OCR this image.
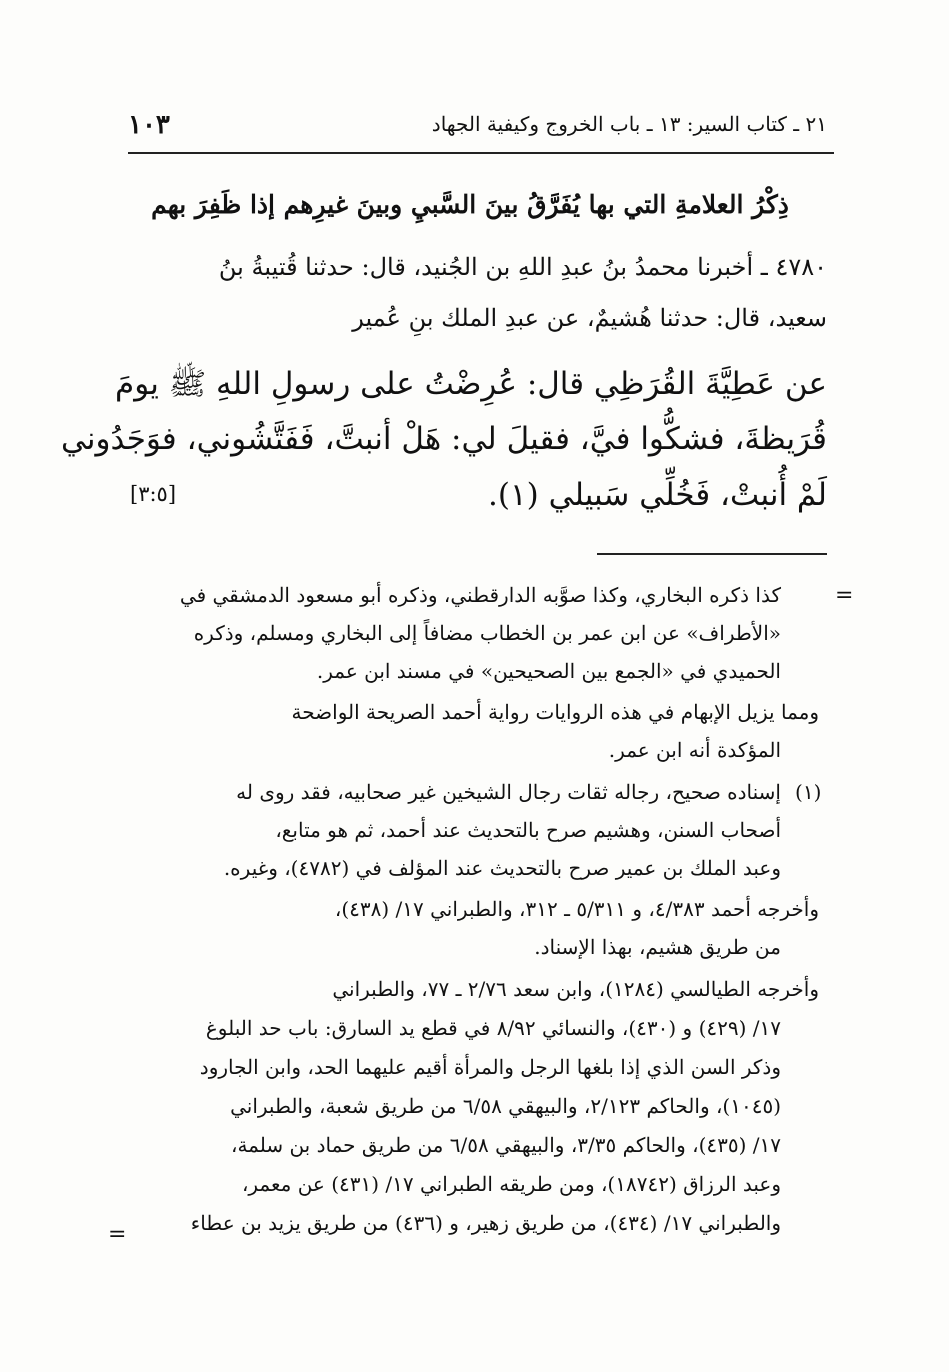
٢١ ـ كتاب السير: ١٣ ـ باب الخروج وكيفية الجهاد
١٠٣
ذِكْرُ العلامةِ التي بها يُفَرَّقُ بينَ السَّبيِ وبينَ غيرِهم إذا ظَفِرَ بهم
٤٧٨٠ ـ أخبرنا محمدُ بنُ عبدِ اللهِ بن الجُنيد، قال: حدثنا قُتيبةُ بنُ
سعيد، قال: حدثنا هُشيمٌ، عن عبدِ الملك بنِ عُمير
عن عَطِيَّةَ القُرَظِي قال: عُرِضْتُ على رسولِ اللهِ ﷺ يومَ
قُرَيظةَ، فشكُّوا فيَّ، فقيلَ لي: هَلْ أنبتَّ، فَفَتَّشُوني، فوَجَدُوني
لَمْ أُنبتْ، فَخُلِّي سَبيلي (١).
[٣:٥]
=
(١)
كذا ذكره البخاري، وكذا صوَّبه الدارقطني، وذكره أبو مسعود الدمشقي في
«الأطراف» عن ابن عمر بن الخطاب مضافاً إلى البخاري ومسلم، وذكره
الحميدي في «الجمع بين الصحيحين» في مسند ابن عمر.
ومما يزيل الإبهام في هذه الروايات رواية أحمد الصريحة الواضحة
المؤكدة أنه ابن عمر.
إسناده صحيح، رجاله ثقات رجال الشيخين غير صحابيه، فقد روى له
أصحاب السنن، وهشيم صرح بالتحديث عند أحمد، ثم هو متابع،
وعبد الملك بن عمير صرح بالتحديث عند المؤلف في (٤٧٨٢)، وغيره.
وأخرجه أحمد ٤/٣٨٣، و ٥/٣١١ ـ ٣١٢، والطبراني ١٧/ (٤٣٨)،
من طريق هشيم، بهذا الإسناد.
وأخرجه الطيالسي (١٢٨٤)، وابن سعد ٢/٧٦ ـ ٧٧، والطبراني
١٧/ (٤٢٩) و (٤٣٠)، والنسائي ٨/٩٢ في قطع يد السارق: باب حد البلوغ
وذكر السن الذي إذا بلغها الرجل والمرأة أقيم عليهما الحد، وابن الجارود
(١٠٤٥)، والحاكم ٢/١٢٣، والبيهقي ٦/٥٨ من طريق شعبة، والطبراني
١٧/ (٤٣٥)، والحاكم ٣/٣٥، والبيهقي ٦/٥٨ من طريق حماد بن سلمة،
وعبد الرزاق (١٨٧٤٢)، ومن طريقه الطبراني ١٧/ (٤٣١) عن معمر،
والطبراني ١٧/ (٤٣٤)، من طريق زهير، و (٤٣٦) من طريق يزيد بن عطاء
=
